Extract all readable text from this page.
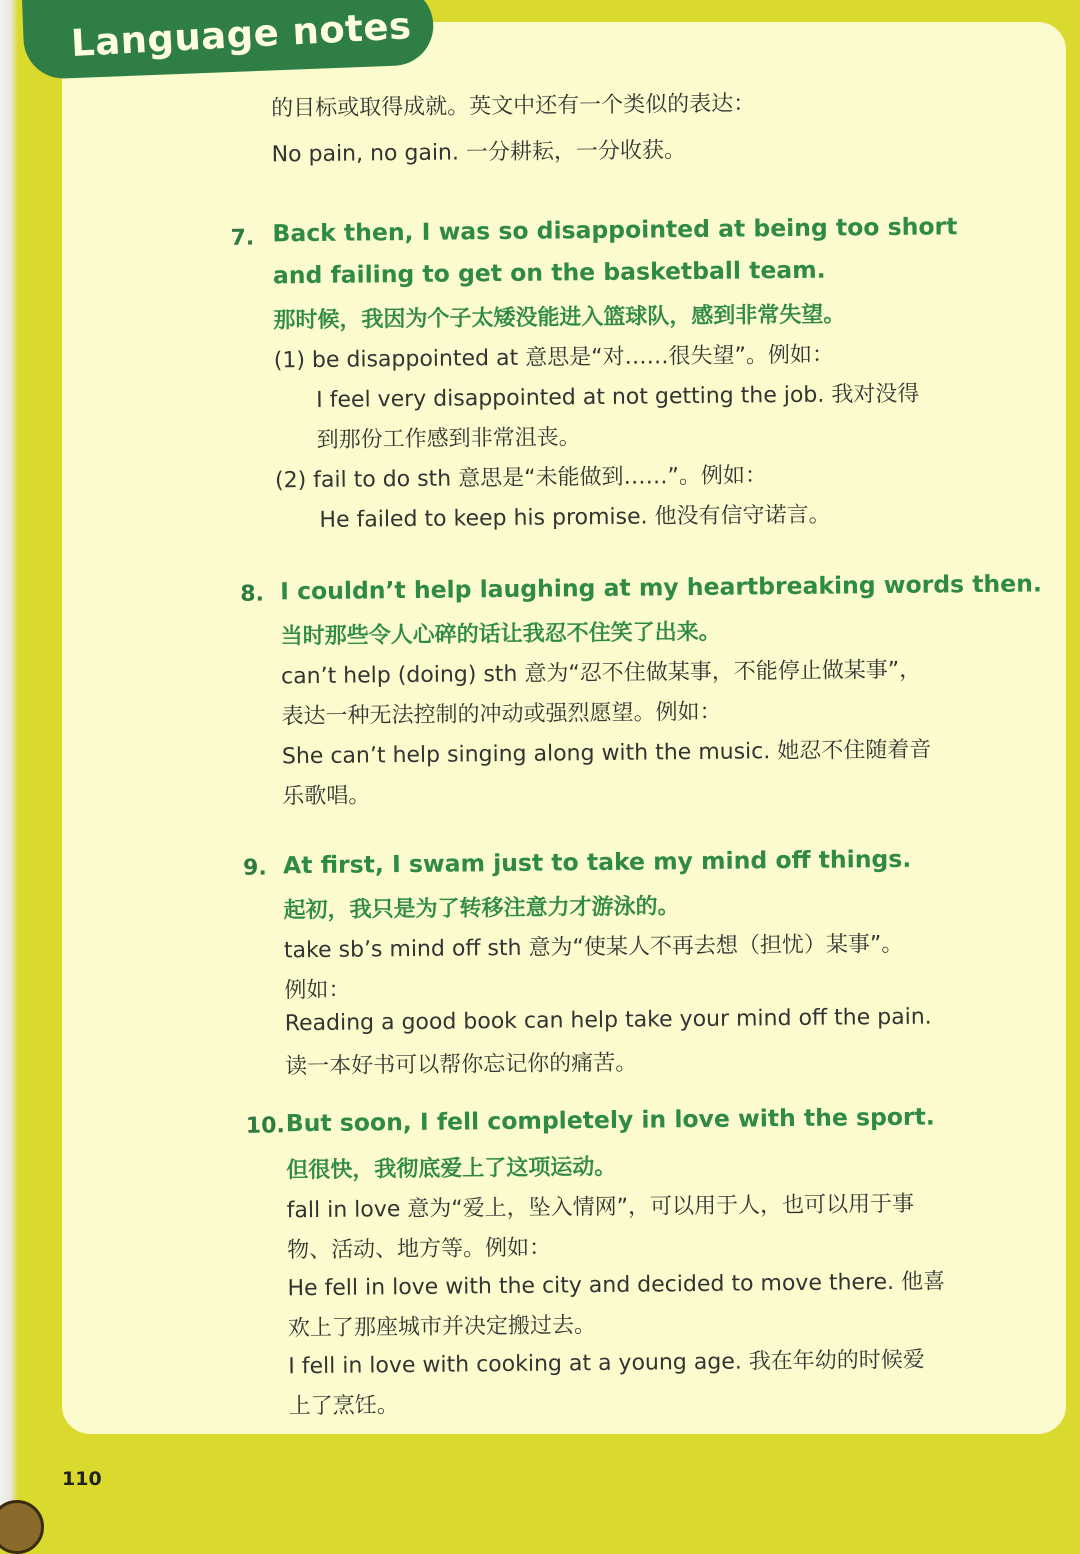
Language notes
的目标或取得成就。英文中还有一个类似的表达：
No pain, no gain. 一分耕耘，一分收获。
7. Back then, I was so disappointed at being too short
and failing to get on the basketball team.
那时候，我因为个子太矮没能进入篮球队，感到非常失望。
(1) be disappointed at 意思是“对……很失望”。例如：
I feel very disappointed at not getting the job. 我对没得
到那份工作感到非常沮丧。
(2) fail to do sth 意思是“未能做到……”。例如：
He failed to keep his promise. 他没有信守诺言。
8. I couldn’t help laughing at my heartbreaking words then.
当时那些令人心碎的话让我忍不住笑了出来。
can’t help (doing) sth 意为“忍不住做某事，不能停止做某事”，
表达一种无法控制的冲动或强烈愿望。例如：
She can’t help singing along with the music. 她忍不住随着音
乐歌唱。
9. At first, I swam just to take my mind off things.
起初，我只是为了转移注意力才游泳的。
take sb’s mind off sth 意为“使某人不再去想（担忧）某事”。
例如：
Reading a good book can help take your mind off the pain.
读一本好书可以帮你忘记你的痛苦。
10. But soon, I fell completely in love with the sport.
但很快，我彻底爱上了这项运动。
fall in love 意为“爱上，坠入情网”，可以用于人，也可以用于事
物、活动、地方等。例如：
He fell in love with the city and decided to move there. 他喜
欢上了那座城市并决定搬过去。
I fell in love with cooking at a young age. 我在年幼的时候爱
上了烹饪。
110
